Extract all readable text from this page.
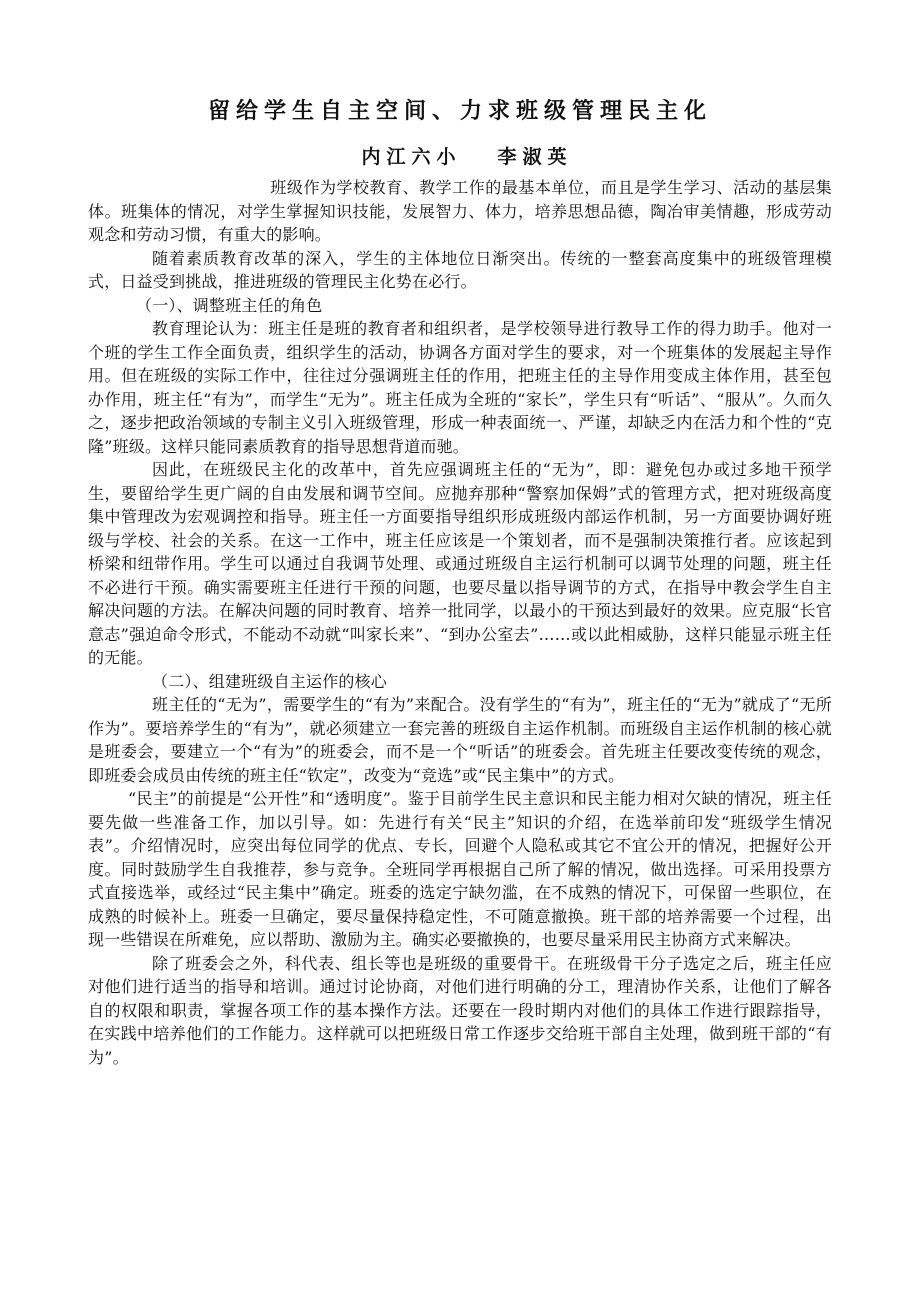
留给学生自主空间、力求班级管理民主化
内江六小 李淑英

班级作为学校教育、教学工作的最基本单位，而且是学生学习、活动的基层集体。班集体的情况，对学生掌握知识技能，发展智力、体力，培养思想品德，陶冶审美情趣，形成劳动观念和劳动习惯，有重大的影响。

随着素质教育改革的深入，学生的主体地位日渐突出。传统的一整套高度集中的班级管理模式，日益受到挑战，推进班级的管理民主化势在必行。

（一）、调整班主任的角色

教育理论认为：班主任是班的教育者和组织者，是学校领导进行教导工作的得力助手。他对一个班的学生工作全面负责，组织学生的活动，协调各方面对学生的要求，对一个班集体的发展起主导作用。但在班级的实际工作中，往往过分强调班主任的作用，把班主任的主导作用变成主体作用，甚至包办作用，班主任“有为”，而学生“无为”。班主任成为全班的“家长”，学生只有“听话”、“服从”。久而久之，逐步把政治领域的专制主义引入班级管理，形成一种表面统一、严谨，却缺乏内在活力和个性的“克隆”班级。这样只能同素质教育的指导思想背道而驰。

因此，在班级民主化的改革中，首先应强调班主任的“无为”，即：避免包办或过多地干预学生，要留给学生更广阔的自由发展和调节空间。应抛弃那种“警察加保姆”式的管理方式，把对班级高度集中管理改为宏观调控和指导。班主任一方面要指导组织形成班级内部运作机制，另一方面要协调好班级与学校、社会的关系。在这一工作中，班主任应该是一个策划者，而不是强制决策推行者。应该起到桥梁和纽带作用。学生可以通过自我调节处理、或通过班级自主运行机制可以调节处理的问题，班主任不必进行干预。确实需要班主任进行干预的问题，也要尽量以指导调节的方式，在指导中教会学生自主解决问题的方法。在解决问题的同时教育、培养一批同学，以最小的干预达到最好的效果。应克服“长官意志”强迫命令形式，不能动不动就“叫家长来”、“到办公室去”……或以此相威胁，这样只能显示班主任的无能。

（二）、组建班级自主运作的核心

班主任的“无为”，需要学生的“有为”来配合。没有学生的“有为”，班主任的“无为”就成了“无所作为”。要培养学生的“有为”，就必须建立一套完善的班级自主运作机制。而班级自主运作机制的核心就是班委会，要建立一个“有为”的班委会，而不是一个“听话”的班委会。首先班主任要改变传统的观念，即班委会成员由传统的班主任“钦定”，改变为“竞选”或“民主集中”的方式。

“民主”的前提是“公开性”和“透明度”。鉴于目前学生民主意识和民主能力相对欠缺的情况，班主任要先做一些准备工作，加以引导。如：先进行有关“民主”知识的介绍，在选举前印发“班级学生情况表”。介绍情况时，应突出每位同学的优点、专长，回避个人隐私或其它不宜公开的情况，把握好公开度。同时鼓励学生自我推荐，参与竞争。全班同学再根据自己所了解的情况，做出选择。可采用投票方式直接选举，或经过“民主集中”确定。班委的选定宁缺勿滥，在不成熟的情况下，可保留一些职位，在成熟的时候补上。班委一旦确定，要尽量保持稳定性，不可随意撤换。班干部的培养需要一个过程，出现一些错误在所难免，应以帮助、激励为主。确实必要撤换的，也要尽量采用民主协商方式来解决。

除了班委会之外，科代表、组长等也是班级的重要骨干。在班级骨干分子选定之后，班主任应对他们进行适当的指导和培训。通过讨论协商，对他们进行明确的分工，理清协作关系，让他们了解各自的权限和职责，掌握各项工作的基本操作方法。还要在一段时期内对他们的具体工作进行跟踪指导，在实践中培养他们的工作能力。这样就可以把班级日常工作逐步交给班干部自主处理，做到班干部的“有为”。
